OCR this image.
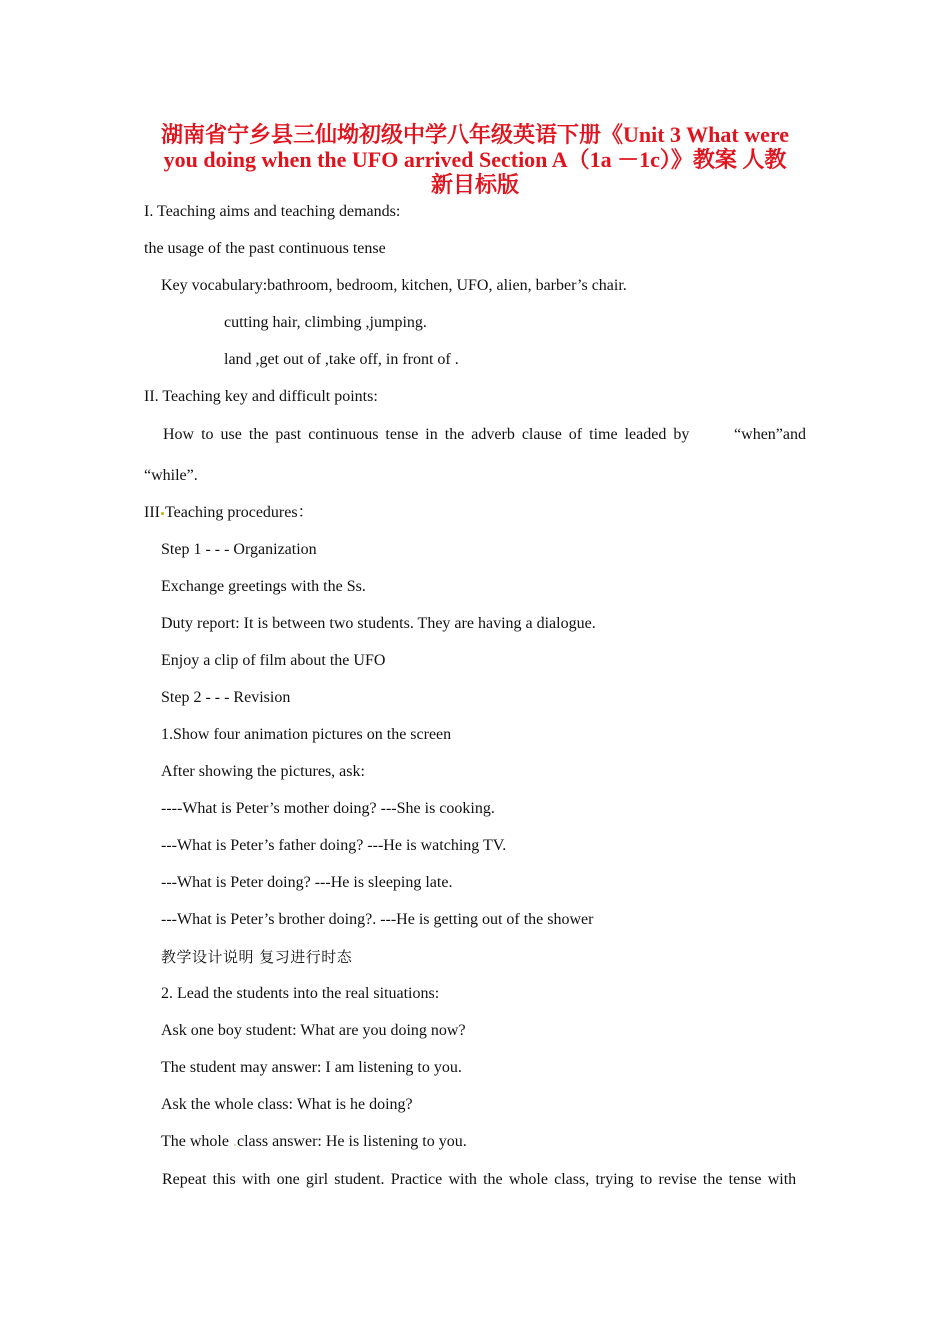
湖南省宁乡县三仙坳初级中学八年级英语下册《Unit 3 What were
you doing when the UFO arrived Section A（1a －1c）》教案 人教
新目标版
I. Teaching aims and teaching demands:
the usage of the past continuous tense
Key vocabulary:bathroom, bedroom, kitchen, UFO, alien, barber’s chair.
cutting hair, climbing ,jumping.
land ,get out of ,take off, in front of .
II. Teaching key and difficult points:
How to use the past continuous tense in the adverb clause of time leaded by	“when”and
“while”.
III Teaching procedures：
Step 1 - - - Organization
Exchange greetings with the Ss.
Duty report: It is between two students. They are having a dialogue.
Enjoy a clip of film about the UFO
Step 2 - - - Revision
1.Show four animation pictures on the screen
After showing the pictures, ask:
----What is Peter’s mother doing? ---She is cooking.
---What is Peter’s father doing? ---He is watching TV.
---What is Peter doing? ---He is sleeping late.
---What is Peter’s brother doing?. ---He is getting out of the shower
教学设计说明 复习进行时态
2. Lead the students into the real situations:
Ask one boy student: What are you doing now?
The student may answer: I am listening to you.
Ask the whole class: What is he doing?
The whole class answer: He is listening to you.
Repeat this with one girl student. Practice with the whole class, trying to revise the tense with
